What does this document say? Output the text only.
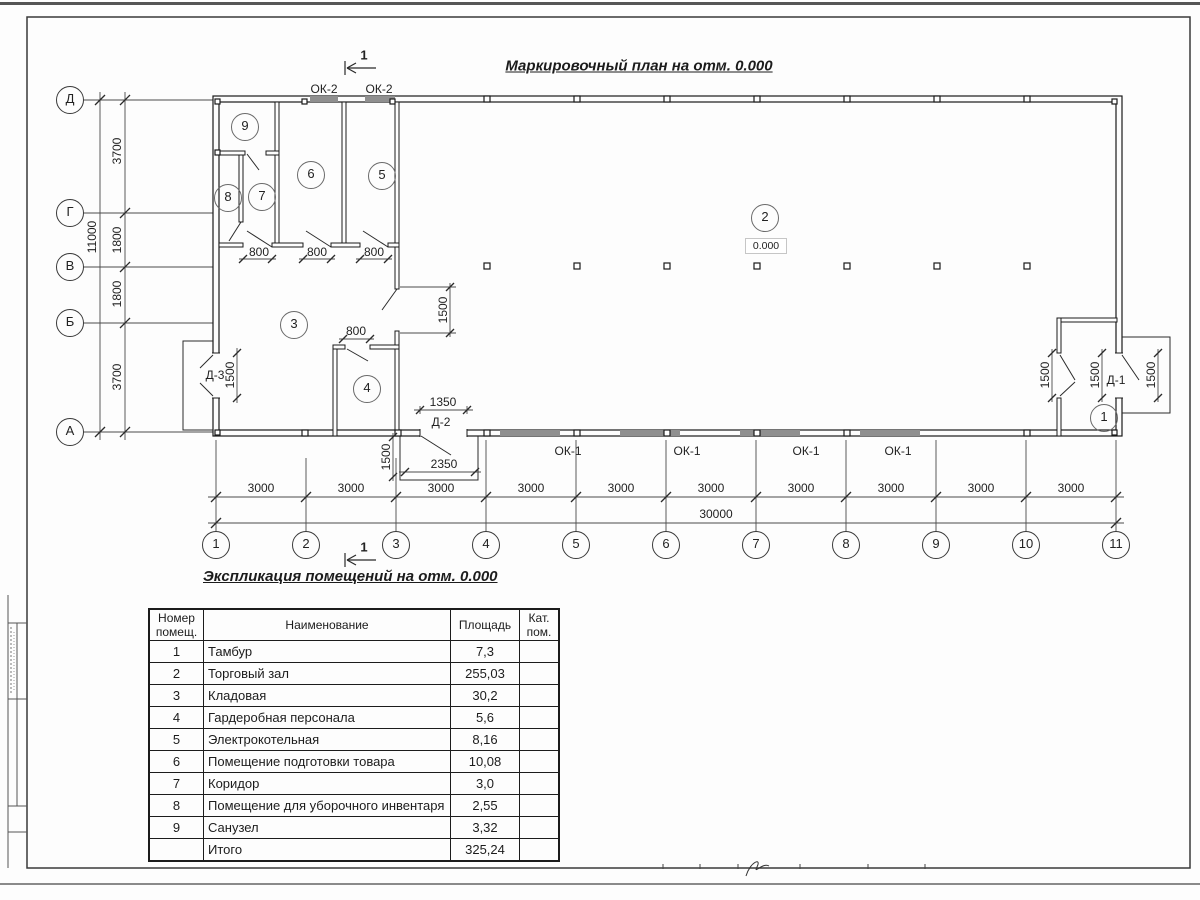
Маркировочный план на отм. 0.000
Экспликация помещений на отм. 0.000
1
1
Д
Г
В
Б
А
1	2	3	4	5	6	7	8	9	10	11
9
8	7
6	5
3
4
2
1
0.000
ОК-2 ОК-2
ОК-1	ОК-1	ОК-1	ОК-1
Д-3
Д-2
Д-1
800	800	800
800
1500
1500
1500
1500	1500	1500
1350
2350
3700
1800
1800
3700
11000
3000	3000	3000	3000	3000	3000	3000	3000	3000	3000
30000
Номер помещ.	Наименование	Площадь	Кат. пом.
1	Тамбур	7,3	
2	Торговый зал	255,03	
3	Кладовая	30,2	
4	Гардеробная персонала	5,6	
5	Электрокотельная	8,16	
6	Помещение подготовки товара	10,08	
7	Коридор	3,0	
8	Помещение для уборочного инвентаря	2,55	
9	Санузел	3,32	
	Итого	325,24	
